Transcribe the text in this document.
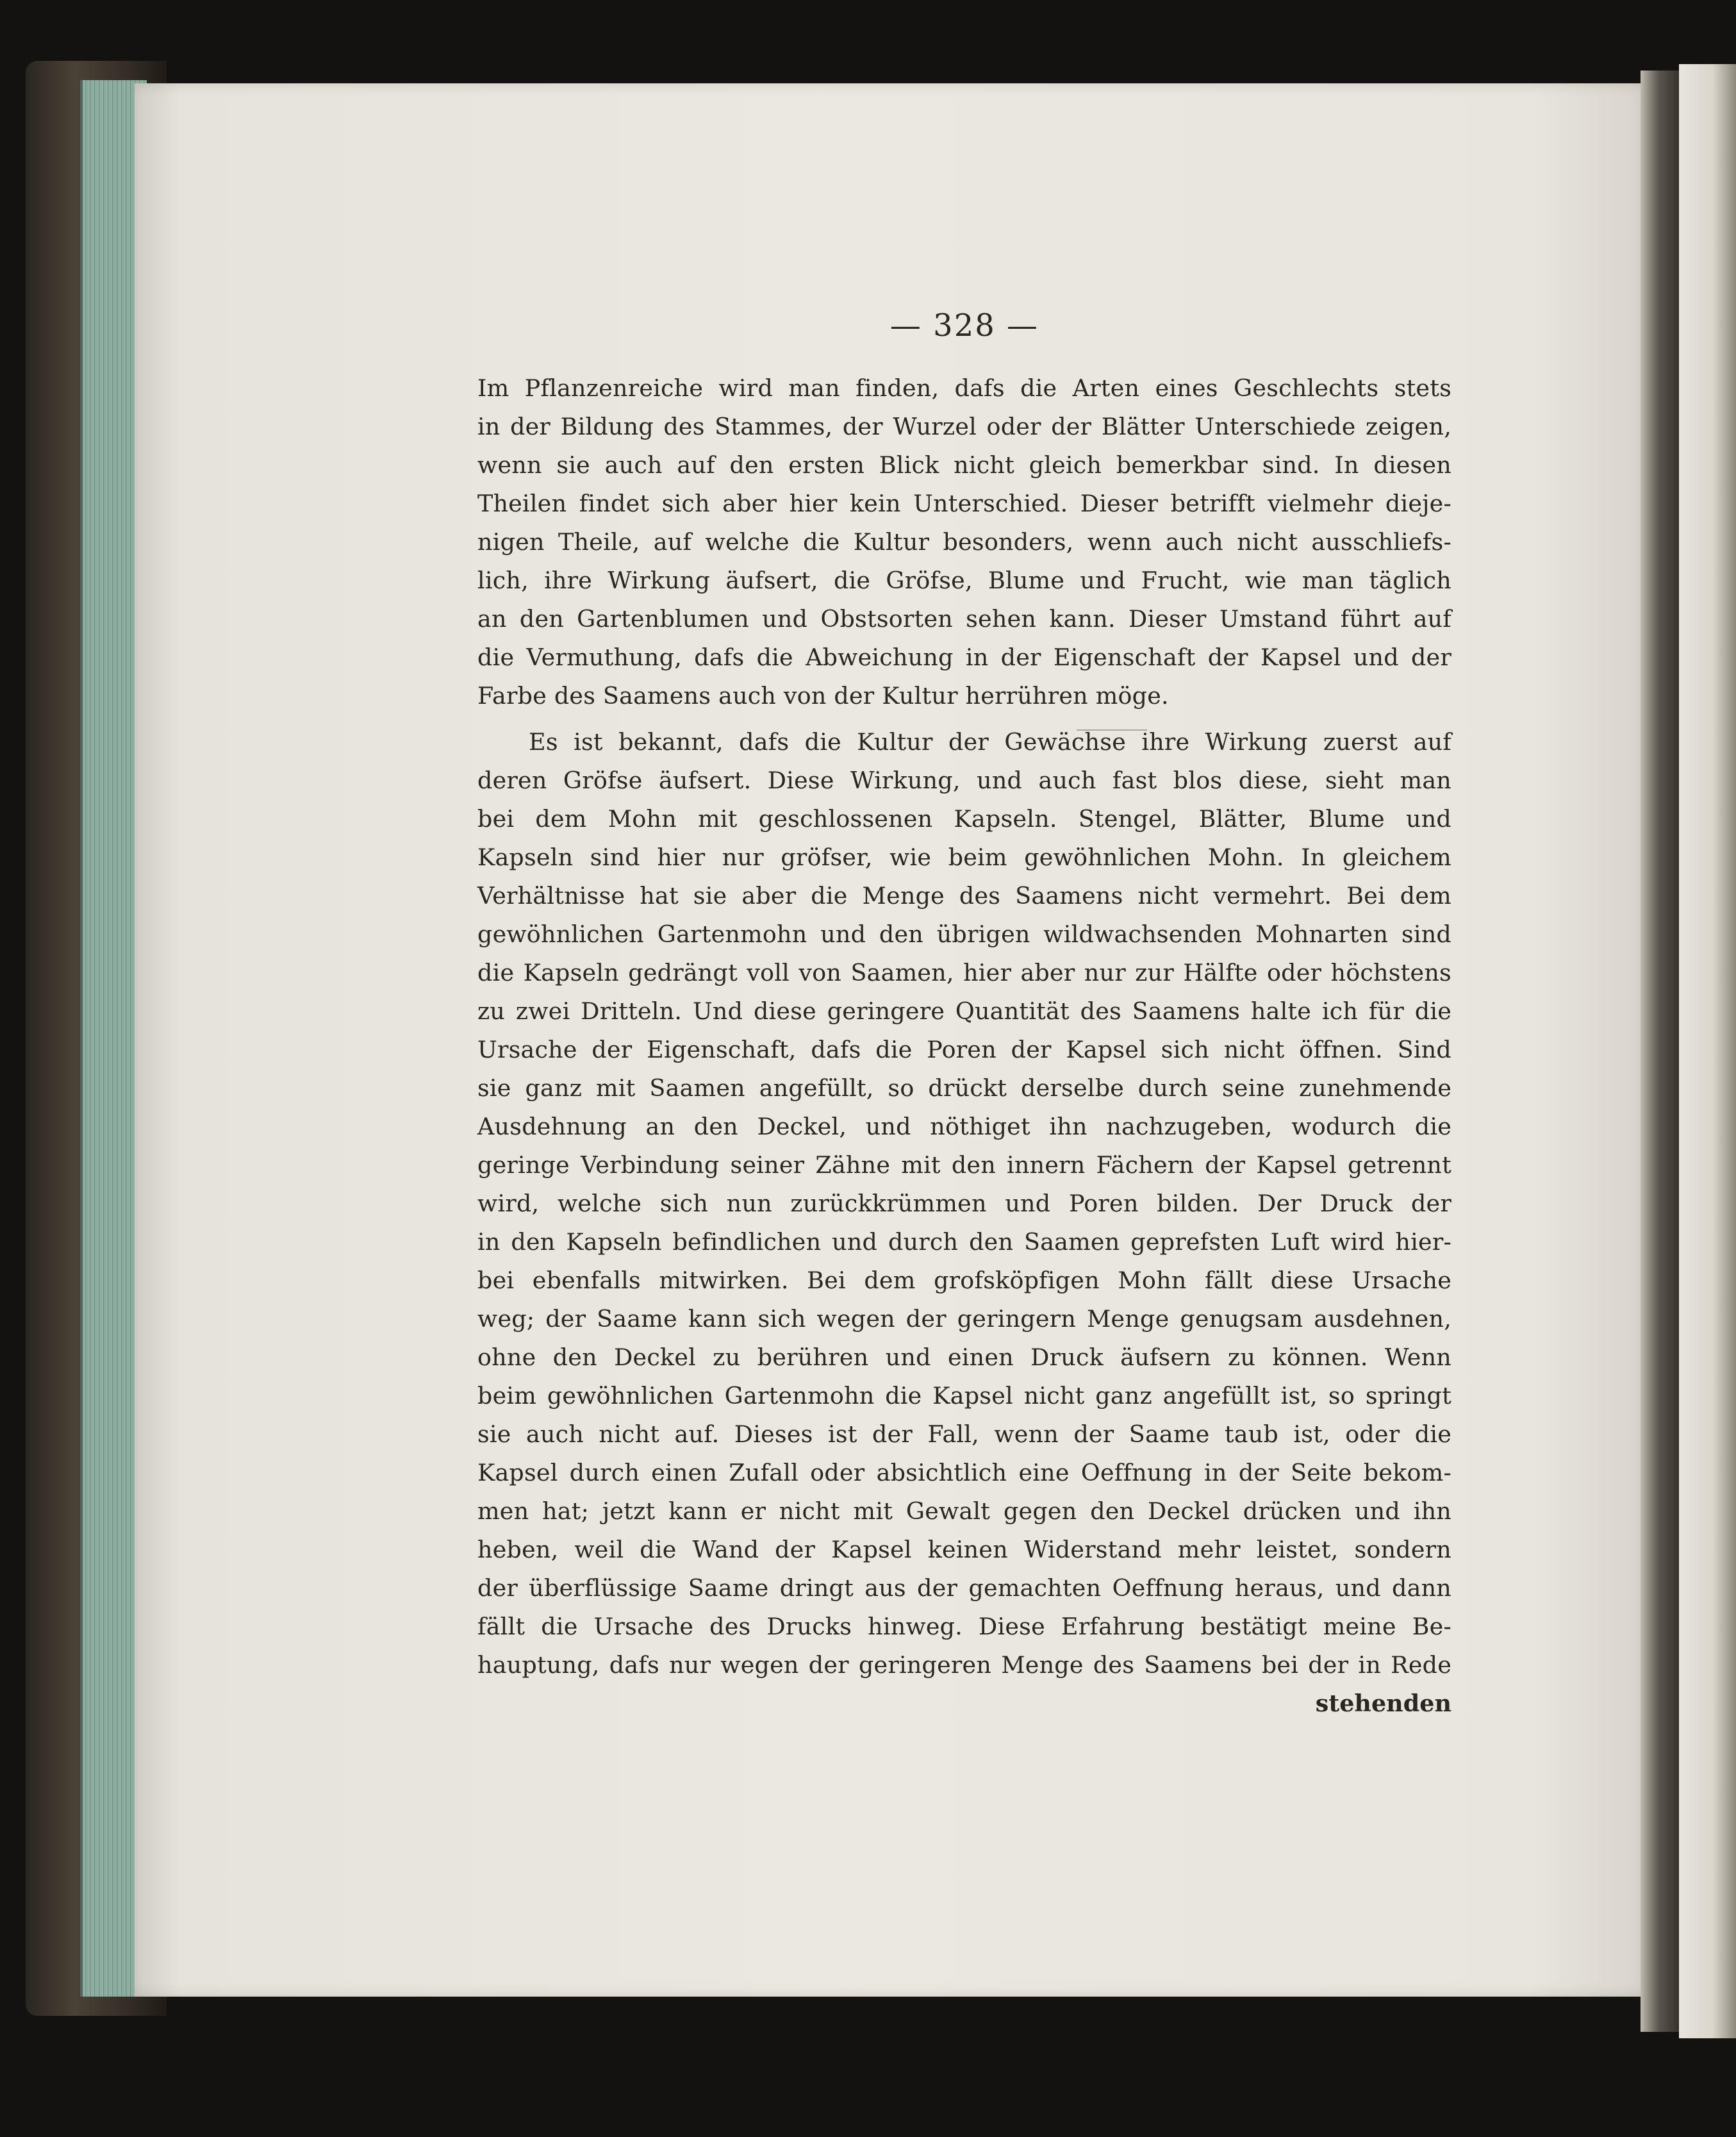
— 328 —

Im Pflanzenreiche wird man finden, dafs die Arten eines Geschlechts stets
in der Bildung des Stammes, der Wurzel oder der Blätter Unterschiede zeigen,
wenn sie auch auf den ersten Blick nicht gleich bemerkbar sind. In diesen
Theilen findet sich aber hier kein Unterschied. Dieser betrifft vielmehr dieje-
nigen Theile, auf welche die Kultur besonders, wenn auch nicht ausschliefs-
lich, ihre Wirkung äufsert, die Gröfse, Blume und Frucht, wie man täglich
an den Gartenblumen und Obstsorten sehen kann. Dieser Umstand führt auf
die Vermuthung, dafs die Abweichung in der Eigenschaft der Kapsel und der
Farbe des Saamens auch von der Kultur herrühren möge.

Es ist bekannt, dafs die Kultur der Gewächse ihre Wirkung zuerst auf
deren Gröfse äufsert. Diese Wirkung, und auch fast blos diese, sieht man
bei dem Mohn mit geschlossenen Kapseln. Stengel, Blätter, Blume und
Kapseln sind hier nur gröfser, wie beim gewöhnlichen Mohn. In gleichem
Verhältnisse hat sie aber die Menge des Saamens nicht vermehrt. Bei dem
gewöhnlichen Gartenmohn und den übrigen wildwachsenden Mohnarten sind
die Kapseln gedrängt voll von Saamen, hier aber nur zur Hälfte oder höchstens
zu zwei Dritteln. Und diese geringere Quantität des Saamens halte ich für die
Ursache der Eigenschaft, dafs die Poren der Kapsel sich nicht öffnen. Sind
sie ganz mit Saamen angefüllt, so drückt derselbe durch seine zunehmende
Ausdehnung an den Deckel, und nöthiget ihn nachzugeben, wodurch die
geringe Verbindung seiner Zähne mit den innern Fächern der Kapsel getrennt
wird, welche sich nun zurückkrümmen und Poren bilden. Der Druck der
in den Kapseln befindlichen und durch den Saamen geprefsten Luft wird hier-
bei ebenfalls mitwirken. Bei dem grofsköpfigen Mohn fällt diese Ursache
weg; der Saame kann sich wegen der geringern Menge genugsam ausdehnen,
ohne den Deckel zu berühren und einen Druck äufsern zu können. Wenn
beim gewöhnlichen Gartenmohn die Kapsel nicht ganz angefüllt ist, so springt
sie auch nicht auf. Dieses ist der Fall, wenn der Saame taub ist, oder die
Kapsel durch einen Zufall oder absichtlich eine Oeffnung in der Seite bekom-
men hat; jetzt kann er nicht mit Gewalt gegen den Deckel drücken und ihn
heben, weil die Wand der Kapsel keinen Widerstand mehr leistet, sondern
der überflüssige Saame dringt aus der gemachten Oeffnung heraus, und dann
fällt die Ursache des Drucks hinweg. Diese Erfahrung bestätigt meine Be-
hauptung, dafs nur wegen der geringeren Menge des Saamens bei der in Rede

stehenden
